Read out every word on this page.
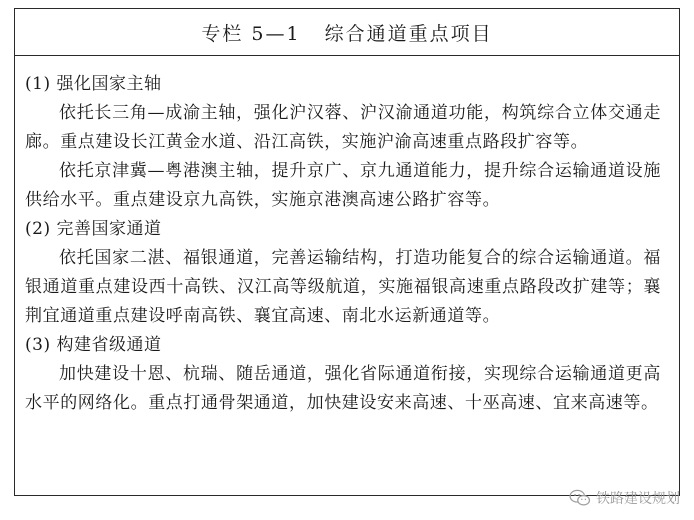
专栏 5—1   综合通道重点项目
(1) 强化国家主轴

依托长三角—成渝主轴，强化沪汉蓉、沪汉渝通道功能，构筑综合立体交通走廊。重点建设长江黄金水道、沿江高铁，实施沪渝高速重点路段扩容等。

依托京津冀—粤港澳主轴，提升京广、京九通道能力，提升综合运输通道设施供给水平。重点建设京九高铁，实施京港澳高速公路扩容等。

(2) 完善国家通道

依托国家二湛、福银通道，完善运输结构，打造功能复合的综合运输通道。福银通道重点建设西十高铁、汉江高等级航道，实施福银高速重点路段改扩建等；襄荆宜通道重点建设呼南高铁、襄宜高速、南北水运新通道等。

(3) 构建省级通道

加快建设十恩、杭瑞、随岳通道，强化省际通道衔接，实现综合运输通道更高水平的网络化。重点打通骨架通道，加快建设安来高速、十巫高速、宜来高速等。

铁路建设规划
